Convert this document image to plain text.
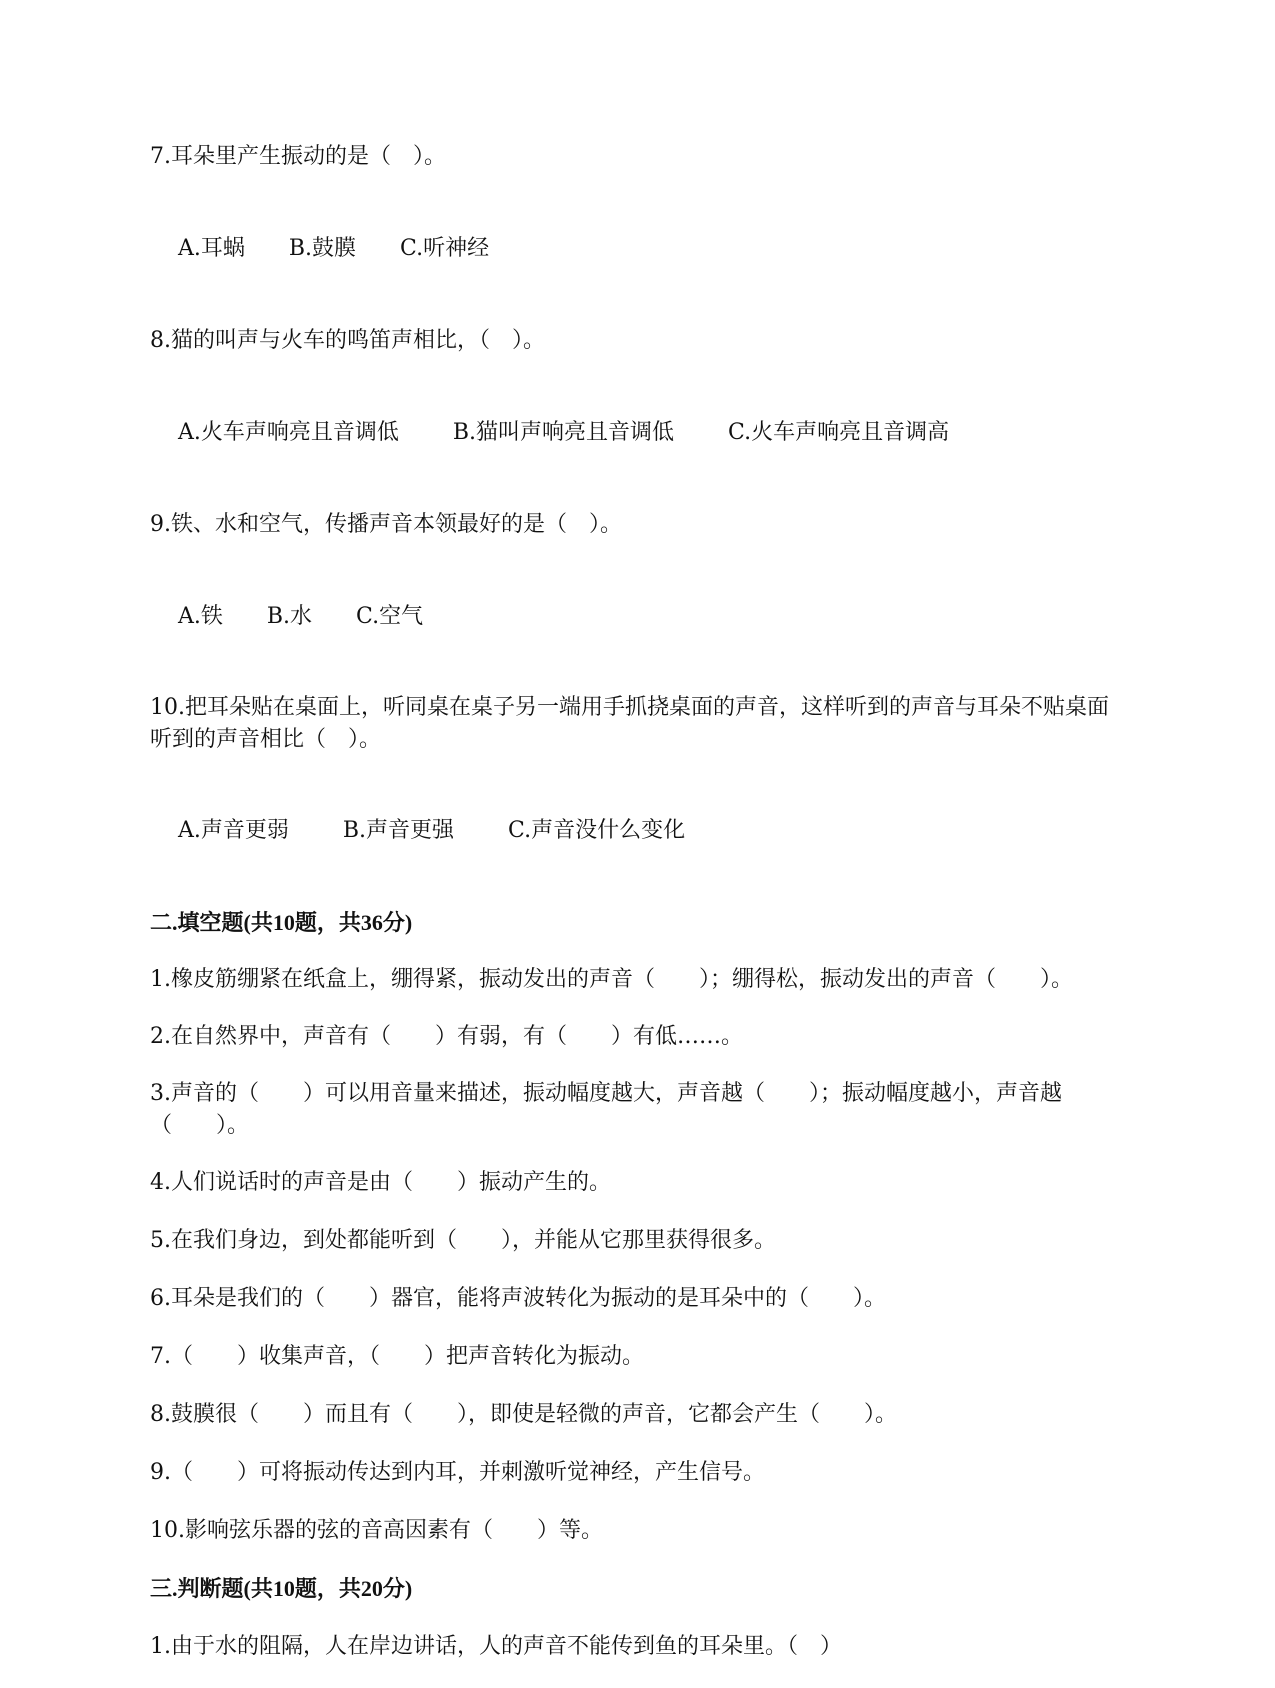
7.耳朵里产生振动的是（　）。

A.耳蜗 B.鼓膜 C.听神经

8.猫的叫声与火车的鸣笛声相比，（　）。

A.火车声响亮且音调低 B.猫叫声响亮且音调低 C.火车声响亮且音调高

9.铁、水和空气，传播声音本领最好的是（　）。

A.铁 B.水 C.空气

10.把耳朵贴在桌面上，听同桌在桌子另一端用手抓挠桌面的声音，这样听到的声音与耳朵不贴桌面听到的声音相比（　）。

A.声音更弱 B.声音更强 C.声音没什么变化

二.填空题(共10题，共36分)

1.橡皮筋绷紧在纸盒上，绷得紧，振动发出的声音（　　）；绷得松，振动发出的声音（　　）。

2.在自然界中，声音有（　　）有弱，有（　　）有低……。

3.声音的（　　）可以用音量来描述，振动幅度越大，声音越（　　）；振动幅度越小，声音越（　　）。

4.人们说话时的声音是由（　　）振动产生的。

5.在我们身边，到处都能听到（　　），并能从它那里获得很多。

6.耳朵是我们的（　　）器官，能将声波转化为振动的是耳朵中的（　　）。

7.（　　）收集声音，（　　）把声音转化为振动。

8.鼓膜很（　　）而且有（　　），即使是轻微的声音，它都会产生（　　）。

9.（　　）可将振动传达到内耳，并刺激听觉神经，产生信号。

10.影响弦乐器的弦的音高因素有（　　）等。

三.判断题(共10题，共20分)

1.由于水的阻隔，人在岸边讲话，人的声音不能传到鱼的耳朵里。（　）
